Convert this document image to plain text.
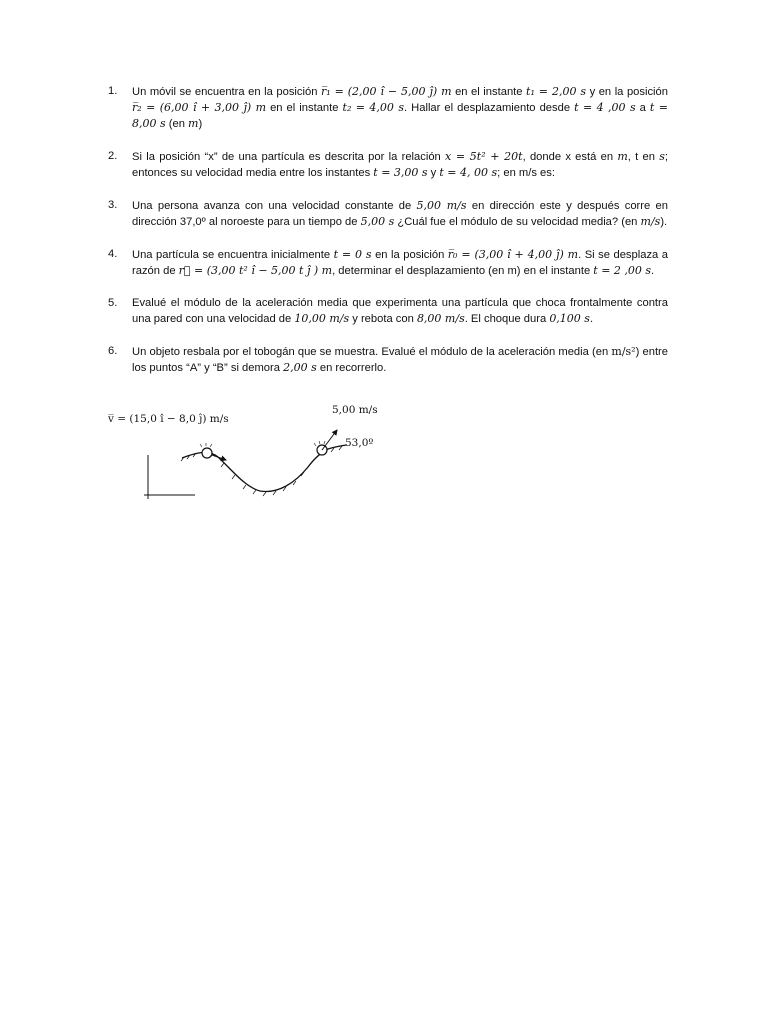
1.	Un móvil se encuentra en la posición r̅₁ = (2,00 î − 5,00 ĵ) m en el instante t₁ = 2,00 s y en la posición r̅₂ = (6,00 î + 3,00 ĵ) m en el instante t₂ = 4,00 s. Hallar el desplazamiento desde t = 4 ,00 s a t = 8,00 s (en m)
2.	Si la posición “x” de una partícula es descrita por la relación x = 5t² + 20t, donde x está en m, t en s; entonces su velocidad media entre los instantes t = 3,00 s y t = 4, 00 s; en m/s es:
3.	Una persona avanza con una velocidad constante de 5,00 m/s en dirección este y después corre en dirección 37,0º al noroeste para un tiempo de 5,00 s ¿Cuál fue el módulo de su velocidad media? (en m/s).
4.	Una partícula se encuentra inicialmente t = 0 s en la posición r̅₀ = (3,00 î + 4,00 ĵ) m. Si se desplaza a razón de r⃗ = (3,00 t² î − 5,00 t ĵ ) m, determinar el desplazamiento (en m) en el instante t = 2 ,00 s.
5.	Evalué el módulo de la aceleración media que experimenta una partícula que choca frontalmente contra una pared con una velocidad de 10,00 m/s y rebota con 8,00 m/s. El choque dura 0,100 s.
6.	Un objeto resbala por el tobogán que se muestra. Evalué el módulo de la aceleración media (en m/s²) entre los puntos “A” y “B” si demora 2,00 s en recorrerlo.
v̅ = (15,0 î − 8,0 ĵ) m/s
5,00 m/s
53,0º
